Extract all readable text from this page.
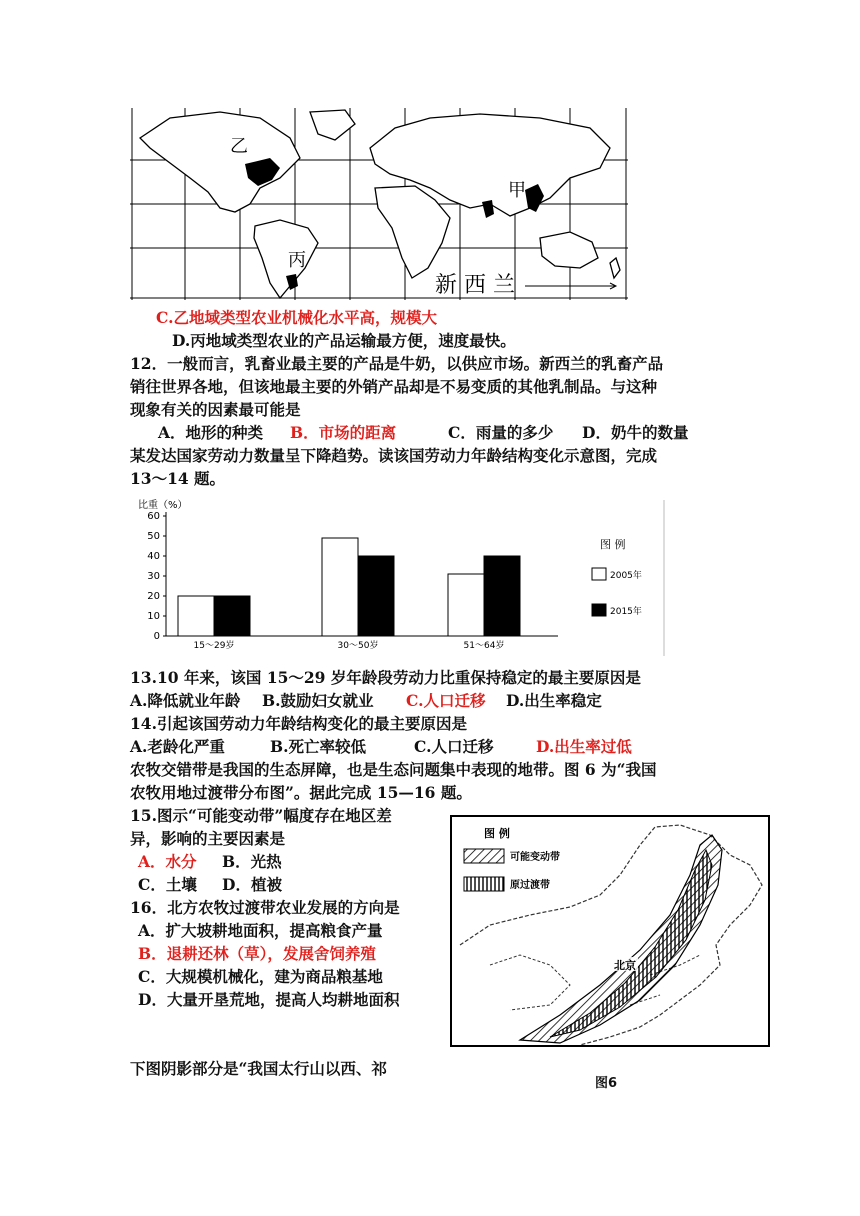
乙
甲
丙
新 西 兰
C.乙地域类型农业机械化水平高，规模大
D.丙地域类型农业的产品运输最方便，速度最快。
12．一般而言，乳畜业最主要的产品是牛奶，以供应市场。新西兰的乳畜产品
销往世界各地，但该地最主要的外销产品却是不易变质的其他乳制品。与这种
现象有关的因素最可能是
A．地形的种类 B．市场的距离	C．雨量的多少 D．奶牛的数量
某发达国家劳动力数量呈下降趋势。读该国劳动力年龄结构变化示意图，完成
13～14 题。
比重（%）
0
10
20
30
40
50
60
15～29岁	30～50岁	51～64岁
图 例
2005年
2015年
13.10 年来，该国 15～29 岁年龄段劳动力比重保持稳定的最主要原因是
A.降低就业年龄 B.鼓励妇女就业 C.人口迁移 D.出生率稳定
14.引起该国劳动力年龄结构变化的最主要原因是
A.老龄化严重	B.死亡率较低	C.人口迁移	D.出生率过低
农牧交错带是我国的生态屏障，也是生态问题集中表现的地带。图 6 为“我国
农牧用地过渡带分布图”。据此完成 15—16 题。
15.图示“可能变动带”幅度存在地区差
异，影响的主要因素是
A．水分 B．光热
C．土壤 D．植被
16．北方农牧过渡带农业发展的方向是
A．扩大坡耕地面积，提高粮食产量
B．退耕还林（草），发展舍饲养殖
C．大规模机械化，建为商品粮基地
D．大量开垦荒地，提高人均耕地面积
图 例
可能变动带
原过渡带
北京
图6
下图阴影部分是“我国太行山以西、祁
